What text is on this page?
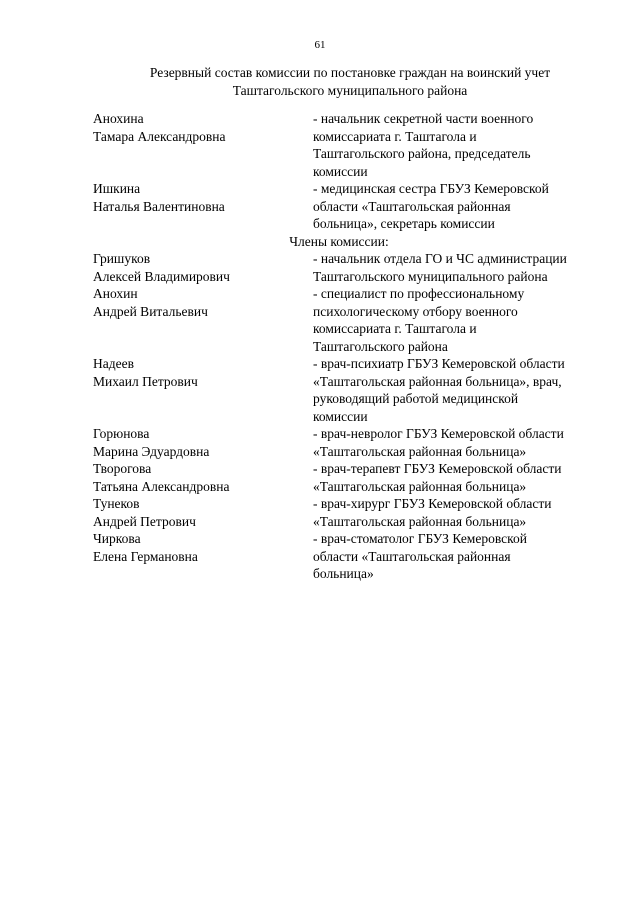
61
Резервный состав комиссии по постановке граждан на воинский учет
Таштагольского муниципального района
Анохина
Тамара Александровна
- начальник секретной части военного
комиссариата г. Таштагола и
Таштагольского района, председатель
комиссии
Ишкина
Наталья Валентиновна
- медицинская сестра ГБУЗ Кемеровской
области «Таштагольская районная
больница», секретарь комиссии
Члены комиссии:
Гришуков
Алексей Владимирович
- начальник отдела ГО и ЧС администрации
Таштагольского муниципального района
Анохин
Андрей Витальевич
- специалист по профессиональному
психологическому отбору военного
комиссариата г. Таштагола и
Таштагольского района
Надеев
Михаил Петрович
- врач-психиатр ГБУЗ Кемеровской области
«Таштагольская районная больница», врач,
руководящий работой медицинской
комиссии
Горюнова
Марина Эдуардовна
- врач-невролог ГБУЗ Кемеровской области
«Таштагольская районная больница»
Творогова
Татьяна Александровна
- врач-терапевт ГБУЗ Кемеровской области
«Таштагольская районная больница»
Тунеков
Андрей Петрович
- врач-хирург ГБУЗ Кемеровской области
«Таштагольская районная больница»
Чиркова
Елена Германовна
- врач-стоматолог ГБУЗ Кемеровской
области «Таштагольская районная
больница»
